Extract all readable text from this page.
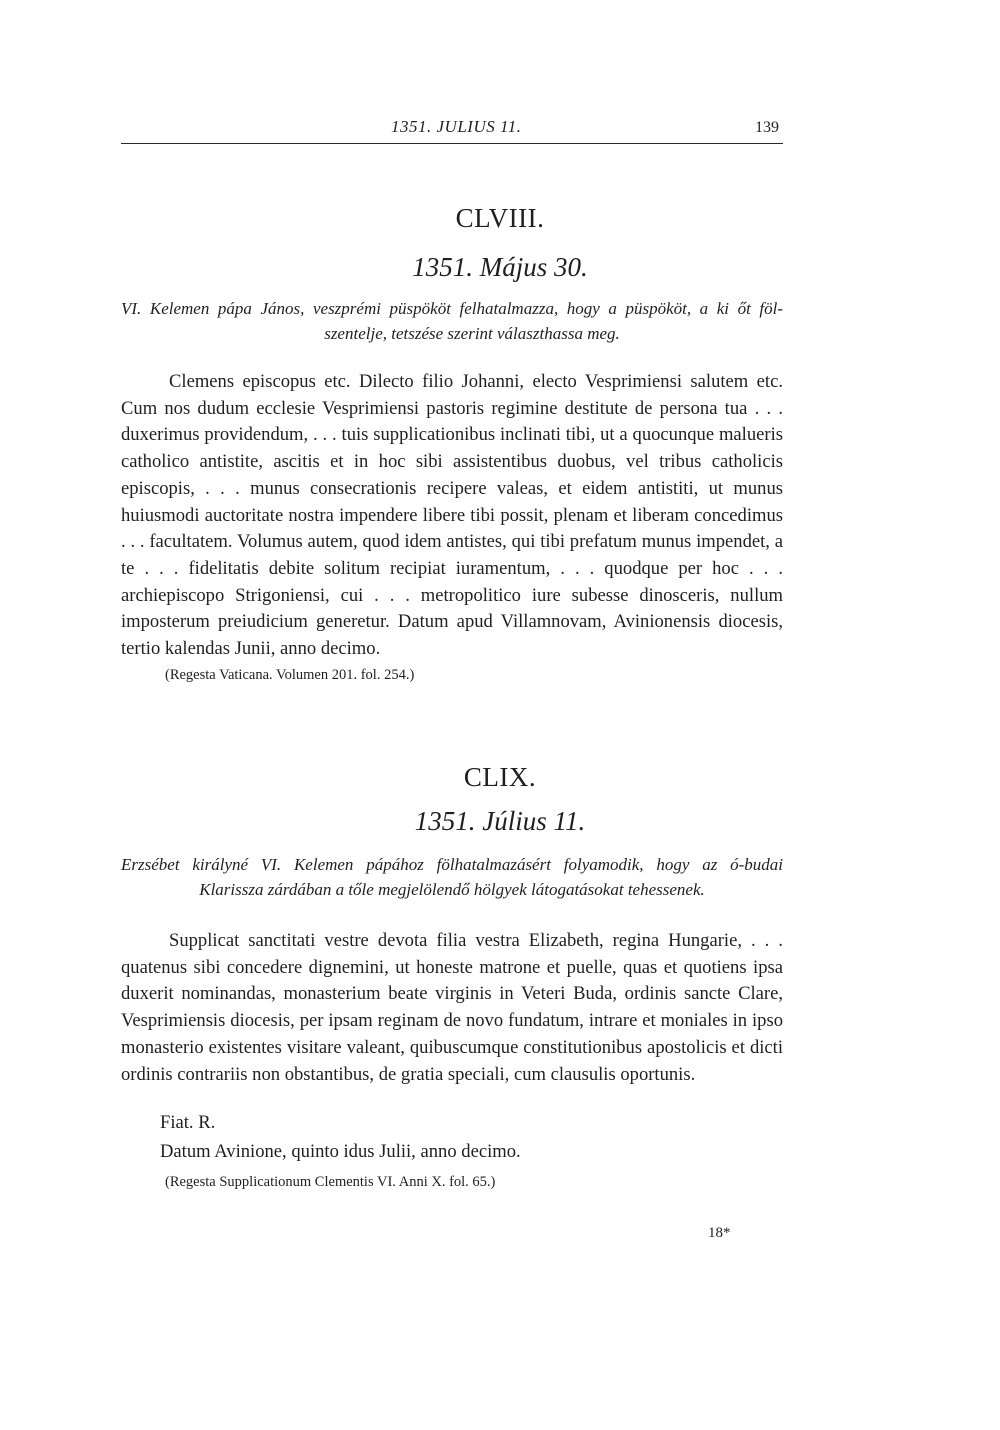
1351. JULIUS 11.	139
CLVIII.
1351. Május 30.
VI. Kelemen pápa János, veszprémi püspököt felhatalmazza, hogy a püspököt, a ki őt föl-
szentelje, tetszése szerint választhassa meg.

Clemens episcopus etc. Dilecto filio Johanni, electo Vesprimiensi salutem etc. Cum nos dudum ecclesie Vesprimiensi pastoris regimine destitute de persona tua . . . duxerimus providendum, . . . tuis supplicationibus inclinati tibi, ut a quocunque malueris catholico antistite, ascitis et in hoc sibi assistentibus duobus, vel tribus catholicis episcopis, . . . munus consecrationis recipere valeas, et eidem antistiti, ut munus huiusmodi auctoritate nostra impendere libere tibi possit, plenam et liberam concedimus . . . facultatem. Volumus autem, quod idem antistes, qui tibi prefatum munus impendet, a te . . . fidelitatis debite solitum recipiat iuramentum, . . . quodque per hoc . . . archiepiscopo Strigoniensi, cui . . . metropolitico iure subesse dinosceris, nullum imposterum preiudicium generetur. Datum apud Villamnovam, Avinionensis diocesis, tertio kalendas Junii, anno decimo.

(Regesta Vaticana. Volumen 201. fol. 254.)
CLIX.
1351. Július 11.
Erzsébet királyné VI. Kelemen pápához fölhatalmazásért folyamodik, hogy az ó-budai
Klarissza zárdában a tőle megjelölendő hölgyek látogatásokat tehessenek.

Supplicat sanctitati vestre devota filia vestra Elizabeth, regina Hungarie, . . . quatenus sibi concedere dignemini, ut honeste matrone et puelle, quas et quotiens ipsa duxerit nominandas, monasterium beate virginis in Veteri Buda, ordinis sancte Clare, Vesprimiensis diocesis, per ipsam reginam de novo fundatum, intrare et moniales in ipso monasterio existentes visitare valeant, quibuscumque constitutionibus apostolicis et dicti ordinis contrariis non obstantibus, de gratia speciali, cum clausulis oportunis.

Fiat. R.
Datum Avinione, quinto idus Julii, anno decimo.
(Regesta Supplicationum Clementis VI. Anni X. fol. 65.)
18*
